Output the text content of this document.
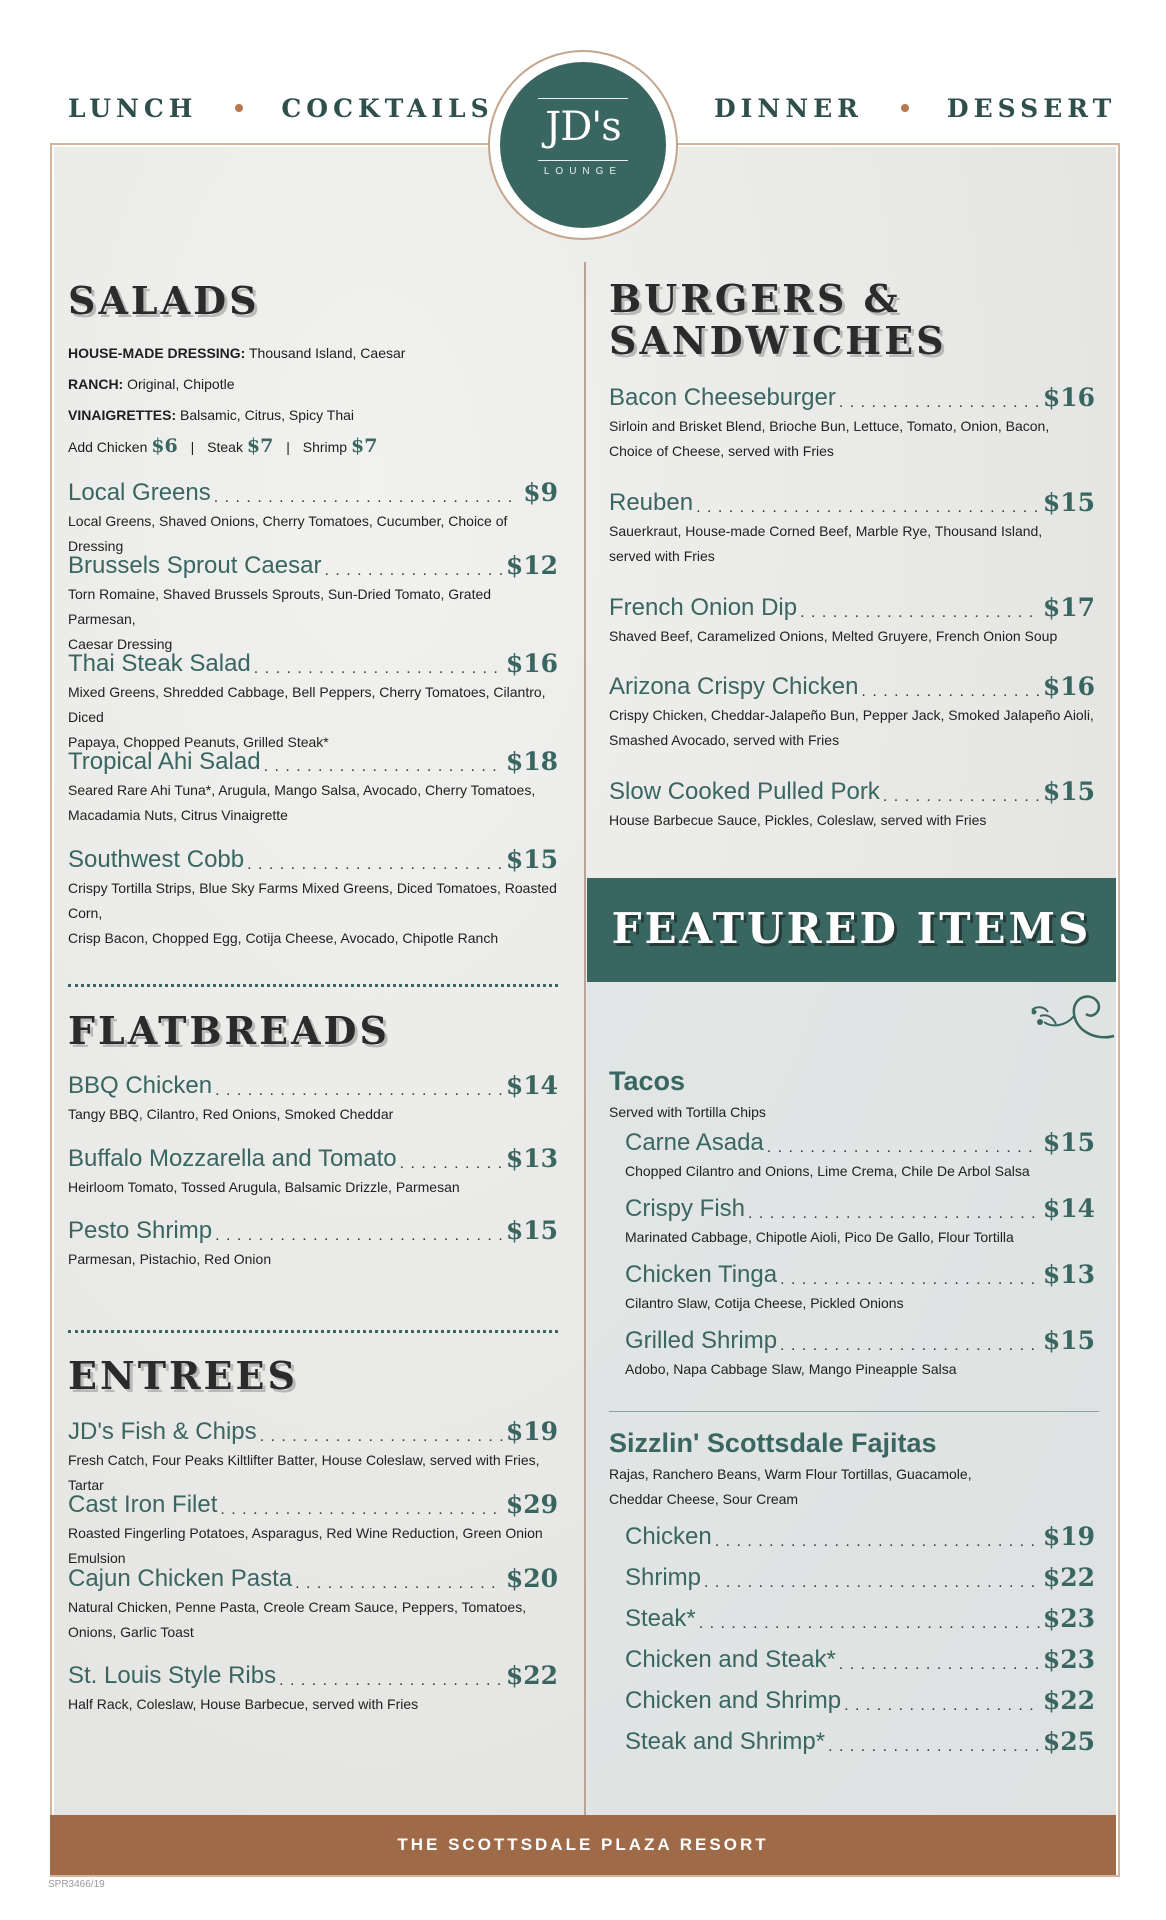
LUNCH	COCKTAILS	DINNER	DESSERT
JD's
LOUNGE
SALADS
HOUSE-MADE DRESSING: Thousand Island, Caesar
RANCH: Original, Chipotle
VINAIGRETTES: Balsamic, Citrus, Spicy Thai
Add Chicken $6 | Steak $7 | Shrimp $7
Local Greens . . .	$9
Local Greens, Shaved Onions, Cherry Tomatoes, Cucumber, Choice of Dressing
Brussels Sprout Caesar . . .	$12
Torn Romaine, Shaved Brussels Sprouts, Sun-Dried Tomato, Grated Parmesan,
Caesar Dressing
Thai Steak Salad . . .	$16
Mixed Greens, Shredded Cabbage, Bell Peppers, Cherry Tomatoes, Cilantro, Diced
Papaya, Chopped Peanuts, Grilled Steak*
Tropical Ahi Salad . . .	$18
Seared Rare Ahi Tuna*, Arugula, Mango Salsa, Avocado, Cherry Tomatoes,
Macadamia Nuts, Citrus Vinaigrette
Southwest Cobb . . .	$15
Crispy Tortilla Strips, Blue Sky Farms Mixed Greens, Diced Tomatoes, Roasted Corn,
Crisp Bacon, Chopped Egg, Cotija Cheese, Avocado, Chipotle Ranch
FLATBREADS
BBQ Chicken . . .	$14
Tangy BBQ, Cilantro, Red Onions, Smoked Cheddar
Buffalo Mozzarella and Tomato . . .	$13
Heirloom Tomato, Tossed Arugula, Balsamic Drizzle, Parmesan
Pesto Shrimp . . .	$15
Parmesan, Pistachio, Red Onion
ENTREES
JD's Fish & Chips . . .	$19
Fresh Catch, Four Peaks Kiltlifter Batter, House Coleslaw, served with Fries, Tartar
Cast Iron Filet . . .	$29
Roasted Fingerling Potatoes, Asparagus, Red Wine Reduction, Green Onion Emulsion
Cajun Chicken Pasta . . .	$20
Natural Chicken, Penne Pasta, Creole Cream Sauce, Peppers, Tomatoes,
Onions, Garlic Toast
St. Louis Style Ribs . . .	$22
Half Rack, Coleslaw, House Barbecue, served with Fries
BURGERS &
SANDWICHES
Bacon Cheeseburger . . .	$16
Sirloin and Brisket Blend, Brioche Bun, Lettuce, Tomato, Onion, Bacon,
Choice of Cheese, served with Fries
Reuben . . .	$15
Sauerkraut, House-made Corned Beef, Marble Rye, Thousand Island,
served with Fries
French Onion Dip . . .	$17
Shaved Beef, Caramelized Onions, Melted Gruyere, French Onion Soup
Arizona Crispy Chicken . . .	$16
Crispy Chicken, Cheddar-Jalapeño Bun, Pepper Jack, Smoked Jalapeño Aioli,
Smashed Avocado, served with Fries
Slow Cooked Pulled Pork . . .	$15
House Barbecue Sauce, Pickles, Coleslaw, served with Fries
FEATURED ITEMS
Tacos
Served with Tortilla Chips
Carne Asada . . .	$15
Chopped Cilantro and Onions, Lime Crema, Chile De Arbol Salsa
Crispy Fish . . .	$14
Marinated Cabbage, Chipotle Aioli, Pico De Gallo, Flour Tortilla
Chicken Tinga . . .	$13
Cilantro Slaw, Cotija Cheese, Pickled Onions
Grilled Shrimp . . .	$15
Adobo, Napa Cabbage Slaw, Mango Pineapple Salsa
Sizzlin' Scottsdale Fajitas
Rajas, Ranchero Beans, Warm Flour Tortillas, Guacamole,
Cheddar Cheese, Sour Cream
Chicken . . .	$19
Shrimp . . .	$22
Steak* . . .	$23
Chicken and Steak* . . .	$23
Chicken and Shrimp . . .	$22
Steak and Shrimp* . . .	$25
THE SCOTTSDALE PLAZA RESORT
SPR3466/19
